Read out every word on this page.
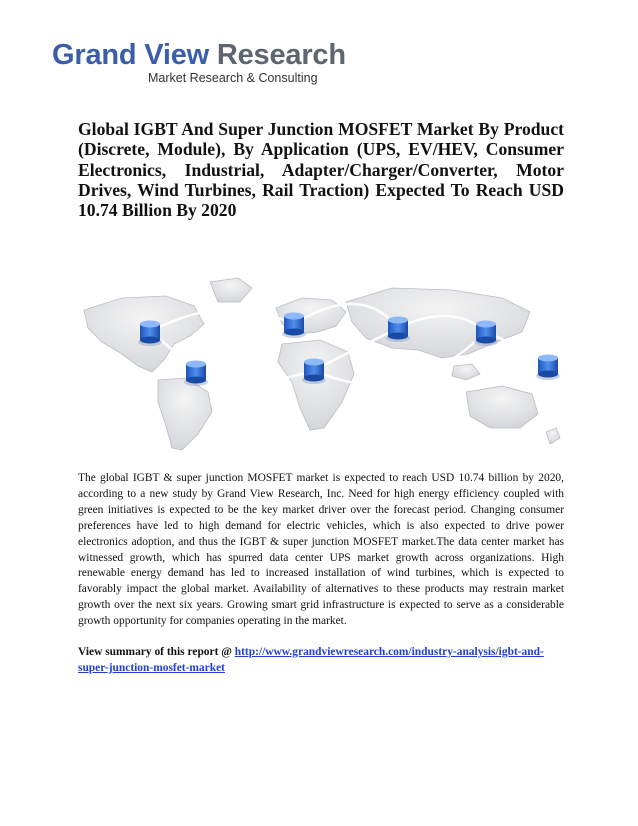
Grand View Research
Market Research & Consulting

Global IGBT And Super Junction MOSFET Market By Product (Discrete, Module), By Application (UPS, EV/HEV, Consumer Electronics, Industrial, Adapter/Charger/Converter, Motor Drives, Wind Turbines, Rail Traction) Expected To Reach USD 10.74 Billion By 2020

The global IGBT & super junction MOSFET market is expected to reach USD 10.74 billion by 2020, according to a new study by Grand View Research, Inc. Need for high energy efficiency coupled with green initiatives is expected to be the key market driver over the forecast period. Changing consumer preferences have led to high demand for electric vehicles, which is also expected to drive power electronics adoption, and thus the IGBT & super junction MOSFET market.The data center market has witnessed growth, which has spurred data center UPS market growth across organizations. High renewable energy demand has led to increased installation of wind turbines, which is expected to favorably impact the global market. Availability of alternatives to these products may restrain market growth over the next six years. Growing smart grid infrastructure is expected to serve as a considerable growth opportunity for companies operating in the market.

View summary of this report @ http://www.grandviewresearch.com/industry-analysis/igbt-and-super-junction-mosfet-market
